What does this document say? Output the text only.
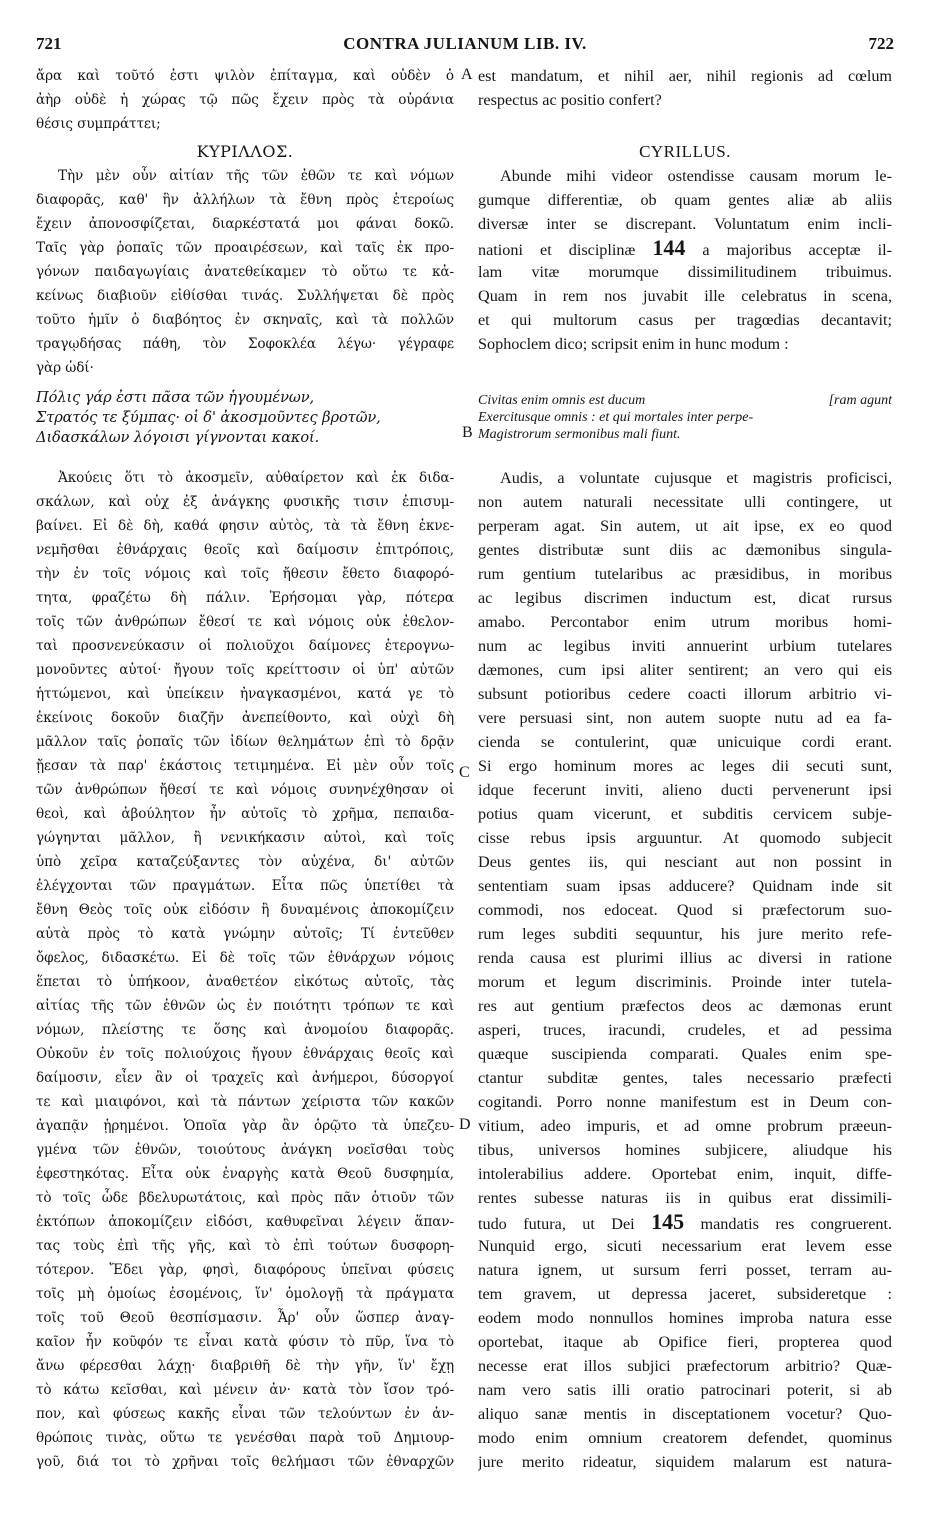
721	CONTRA JULIANUM LIB. IV.	722
ἄρα καὶ τοῦτό ἐστι ψιλὸν ἐπίταγμα, καὶ οὐδὲν ὁ
ἀὴρ οὐδὲ ἡ χώρας τῷ πῶς ἔχειν πρὸς τὰ οὐράνια
θέσις συμπράττει;
ΚΥΡΙΛΛΟΣ.
Τὴν μὲν οὖν αἰτίαν τῆς τῶν ἐθῶν τε καὶ νόμων
διαφορᾶς, καθ' ἣν ἀλλήλων τὰ ἔθνη πρὸς ἑτεροίως
ἔχειν ἀπονοσφίζεται, διαρκέστατά μοι φάναι δοκῶ.
Ταῖς γὰρ ῥοπαῖς τῶν προαιρέσεων, καὶ ταῖς ἐκ προ-
γόνων παιδαγωγίαις ἀνατεθείκαμεν τὸ οὕτω τε κἀ-
κείνως διαβιοῦν εἰθίσθαι τινάς. Συλλήψεται δὲ πρὸς
τοῦτο ἡμῖν ὁ διαβόητος ἐν σκηναῖς, καὶ τὰ πολλῶν
τραγῳδήσας πάθη, τὸν Σοφοκλέα λέγω· γέγραφε
γὰρ ὡδί·
Πόλις γάρ ἐστι πᾶσα τῶν ἡγουμένων,
Στρατός τε ξύμπας· οἱ δ' ἀκοσμοῦντες βροτῶν,
Διδασκάλων λόγοισι γίγνονται κακοί.
Ἀκούεις ὅτι τὸ ἀκοσμεῖν, αὐθαίρετον καὶ ἐκ διδα-
σκάλων, καὶ οὐχ ἐξ ἀνάγκης φυσικῆς τισιν ἐπισυμ-
βαίνει. Εἰ δὲ δὴ, καθά φησιν αὐτὸς, τὰ τὰ ἔθνη ἐκνε-
νεμῆσθαι ἐθνάρχαις θεοῖς καὶ δαίμοσιν ἐπιτρόποις,
τὴν ἐν τοῖς νόμοις καὶ τοῖς ἤθεσιν ἔθετο διαφορό-
τητα, φραζέτω δὴ πάλιν. Ἐρήσομαι γὰρ, πότερα
τοῖς τῶν ἀνθρώπων ἔθεσί τε καὶ νόμοις οὐκ ἐθελον-
ταὶ προσνενεύκασιν οἱ πολιοῦχοι δαίμονες ἑτερογνω-
μονοῦντες αὐτοί· ἤγουν τοῖς κρείττοσιν οἱ ὑπ' αὐτῶν
ἡττώμενοι, καὶ ὑπείκειν ἠναγκασμένοι, κατά γε τὸ
ἐκείνοις δοκοῦν διαζῆν ἀνεπείθοντο, καὶ οὐχὶ δὴ
μᾶλλον ταῖς ῥοπαῖς τῶν ἰδίων θελημάτων ἐπὶ τὸ δρᾷν
ᾔεσαν τὰ παρ' ἑκάστοις τετιμημένα. Εἰ μὲν οὖν τοῖς
τῶν ἀνθρώπων ἤθεσί τε καὶ νόμοις συνηνέχθησαν οἱ
θεοὶ, καὶ ἀβούλητον ἦν αὐτοῖς τὸ χρῆμα, πεπαιδα-
γώγηνται μᾶλλον, ἢ νενικήκασιν αὐτοὶ, καὶ τοῖς
ὑπὸ χεῖρα καταζεύξαντες τὸν αὐχένα, δι' αὐτῶν
ἐλέγχονται τῶν πραγμάτων. Εἶτα πῶς ὑπετίθει τὰ
ἔθνη Θεὸς τοῖς οὐκ εἰδόσιν ἢ δυναμένοις ἀποκομίζειν
αὐτὰ πρὸς τὸ κατὰ γνώμην αὐτοῖς; Τί ἐντεῦθεν
ὄφελος, διδασκέτω. Εἰ δὲ τοῖς τῶν ἐθνάρχων νόμοις
ἕπεται τὸ ὑπήκοον, ἀναθετέον εἰκότως αὐτοῖς, τὰς
αἰτίας τῆς τῶν ἐθνῶν ὡς ἐν ποιότητι τρόπων τε καὶ
νόμων, πλείστης τε ὅσης καὶ ἀνομοίου διαφορᾶς.
Οὐκοῦν ἐν τοῖς πολιούχοις ἤγουν ἐθνάρχαις θεοῖς καὶ
δαίμοσιν, εἶεν ἂν οἱ τραχεῖς καὶ ἀνήμεροι, δύσοργοί
τε καὶ μιαιφόνοι, καὶ τὰ πάντων χείριστα τῶν κακῶν
ἀγαπᾷν ᾑρημένοι. Ὁποῖα γὰρ ἂν ὁρῷτο τὰ ὑπεζευ-
γμένα τῶν ἐθνῶν, τοιούτους ἀνάγκη νοεῖσθαι τοὺς
ἐφεστηκότας. Εἶτα οὐκ ἐναργὴς κατὰ Θεοῦ δυσφημία,
τὸ τοῖς ὧδε βδελυρωτάτοις, καὶ πρὸς πᾶν ὁτιοῦν τῶν
ἐκτόπων ἀποκομίζειν εἰδόσι, καθυφεῖναι λέγειν ἅπαν-
τας τοὺς ἐπὶ τῆς γῆς, καὶ τὸ ἐπὶ τούτων δυσφορη-
τότερον. Ἔδει γὰρ, φησὶ, διαφόρους ὑπεῖναι φύσεις
τοῖς μὴ ὁμοίως ἐσομένοις, ἵν' ὁμολογῇ τὰ πράγματα
τοῖς τοῦ Θεοῦ θεσπίσμασιν. Ἆρ' οὖν ὥσπερ ἀναγ-
καῖον ἦν κοῦφόν τε εἶναι κατὰ φύσιν τὸ πῦρ, ἵνα τὸ
ἄνω φέρεσθαι λάχῃ· διαβριθῆ δὲ τὴν γῆν, ἵν' ἔχῃ
τὸ κάτω κεῖσθαι, καὶ μένειν ἀν· κατὰ τὸν ἴσον τρό-
πον, καὶ φύσεως κακῆς εἶναι τῶν τελούντων ἐν ἀν-
θρώποις τινὰς, οὕτω τε γενέσθαι παρὰ τοῦ Δημιουρ-
γοῦ, διά τοι τὸ χρῆναι τοῖς θελήμασι τῶν ἐθναρχῶν
est mandatum, et nihil aer, nihil regionis ad cœlum
respectus ac positio confert?
CYRILLUS.
Abunde mihi videor ostendisse causam morum le-
gumque differentiæ, ob quam gentes aliæ ab aliis
diversæ inter se discrepant. Voluntatum enim incli-
nationi et disciplinæ 144 a majoribus acceptæ il-
lam vitæ morumque dissimilitudinem tribuimus.
Quam in rem nos juvabit ille celebratus in scena,
et qui multorum casus per tragœdias decantavit;
Sophoclem dico; scripsit enim in hunc modum :
Civitas enim omnis est ducum
Exercitusque omnis : et qui mortales inter perpe-
Magistrorum sermonibus mali fiunt.
[ram agunt
Audis, a voluntate cujusque et magistris proficisci,
non autem naturali necessitate ulli contingere, ut
perperam agat. Sin autem, ut ait ipse, ex eo quod
gentes distributæ sunt diis ac dæmonibus singula-
rum gentium tutelaribus ac præsidibus, in moribus
ac legibus discrimen inductum est, dicat rursus
amabo. Percontabor enim utrum moribus homi-
num ac legibus inviti annuerint urbium tutelares
dæmones, cum ipsi aliter sentirent; an vero qui eis
subsunt potioribus cedere coacti illorum arbitrio vi-
vere persuasi sint, non autem suopte nutu ad ea fa-
cienda se contulerint, quæ unicuique cordi erant.
Si ergo hominum mores ac leges dii secuti sunt,
idque fecerunt inviti, alieno ducti pervenerunt ipsi
potius quam vicerunt, et subditis cervicem subje-
cisse rebus ipsis arguuntur. At quomodo subjecit
Deus gentes iis, qui nesciant aut non possint in
sententiam suam ipsas adducere? Quidnam inde sit
commodi, nos edoceat. Quod si præfectorum suo-
rum leges subditi sequuntur, his jure merito refe-
renda causa est plurimi illius ac diversi in ratione
morum et legum discriminis. Proinde inter tutela-
res aut gentium præfectos deos ac dæmonas erunt
asperi, truces, iracundi, crudeles, et ad pessima
quæque suscipienda comparati. Quales enim spe-
ctantur subditæ gentes, tales necessario præfecti
cogitandi. Porro nonne manifestum est in Deum con-
vitium, adeo impuris, et ad omne probrum præeun-
tibus, universos homines subjicere, aliudque his
intolerabilius addere. Oportebat enim, inquit, diffe-
rentes subesse naturas iis in quibus erat dissimili-
tudo futura, ut Dei 145 mandatis res congruerent.
Nunquid ergo, sicuti necessarium erat levem esse
natura ignem, ut sursum ferri posset, terram au-
tem gravem, ut depressa jaceret, subsideretque :
eodem modo nonnullos homines improba natura esse
oportebat, itaque ab Opifice fieri, propterea quod
necesse erat illos subjici præfectorum arbitrio? Quæ-
nam vero satis illi oratio patrocinari poterit, si ab
aliquo sanæ mentis in disceptationem vocetur? Quo-
modo enim omnium creatorem defendet, quominus
jure merito rideatur, siquidem malarum est natura-
A
B
C
D
